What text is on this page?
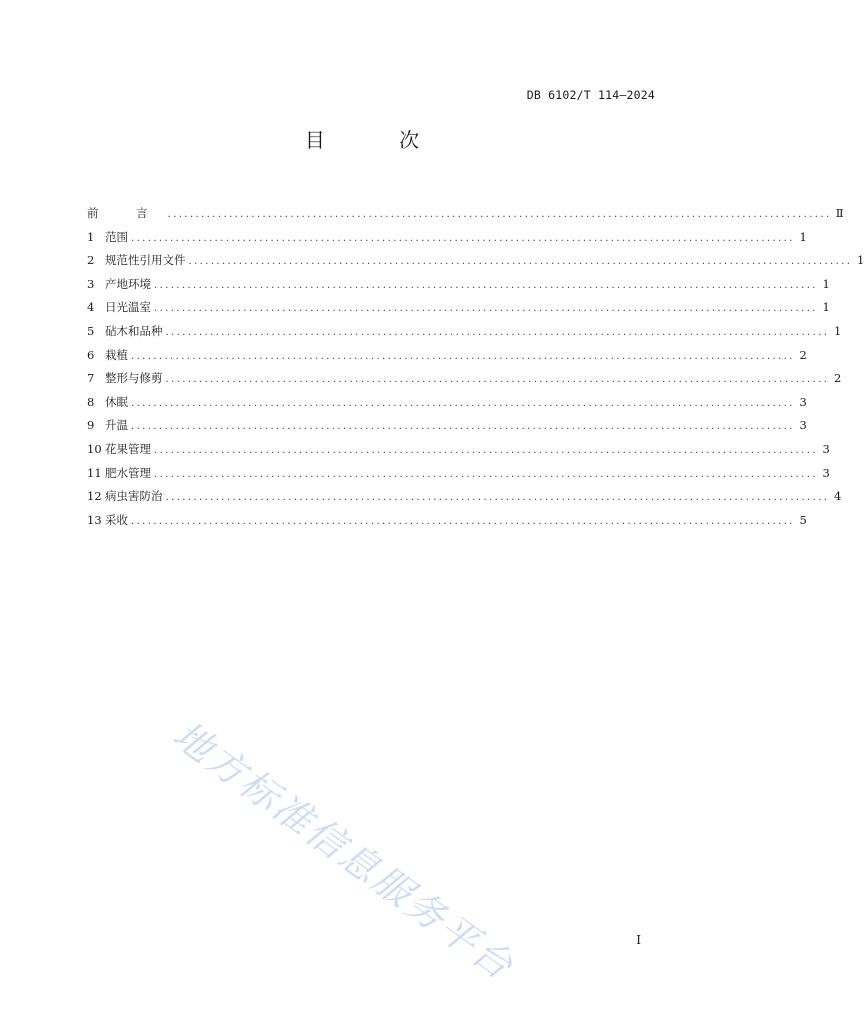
DB 6102/T 114—2024
目 次
前 言 ....................................................................................................................... Ⅱ
1 范围 ....................................................................................................................... 1
2 规范性引用文件 ....................................................................................................................... 1
3 产地环境 ....................................................................................................................... 1
4 日光温室 ....................................................................................................................... 1
5 砧木和品种 ....................................................................................................................... 1
6 栽植 ....................................................................................................................... 2
7 整形与修剪 ....................................................................................................................... 2
8 休眠 ....................................................................................................................... 3
9 升温 ....................................................................................................................... 3
10 花果管理 ....................................................................................................................... 3
11 肥水管理 ....................................................................................................................... 3
12 病虫害防治 ....................................................................................................................... 4
13 采收 ....................................................................................................................... 5
地方标准信息服务平台	I
